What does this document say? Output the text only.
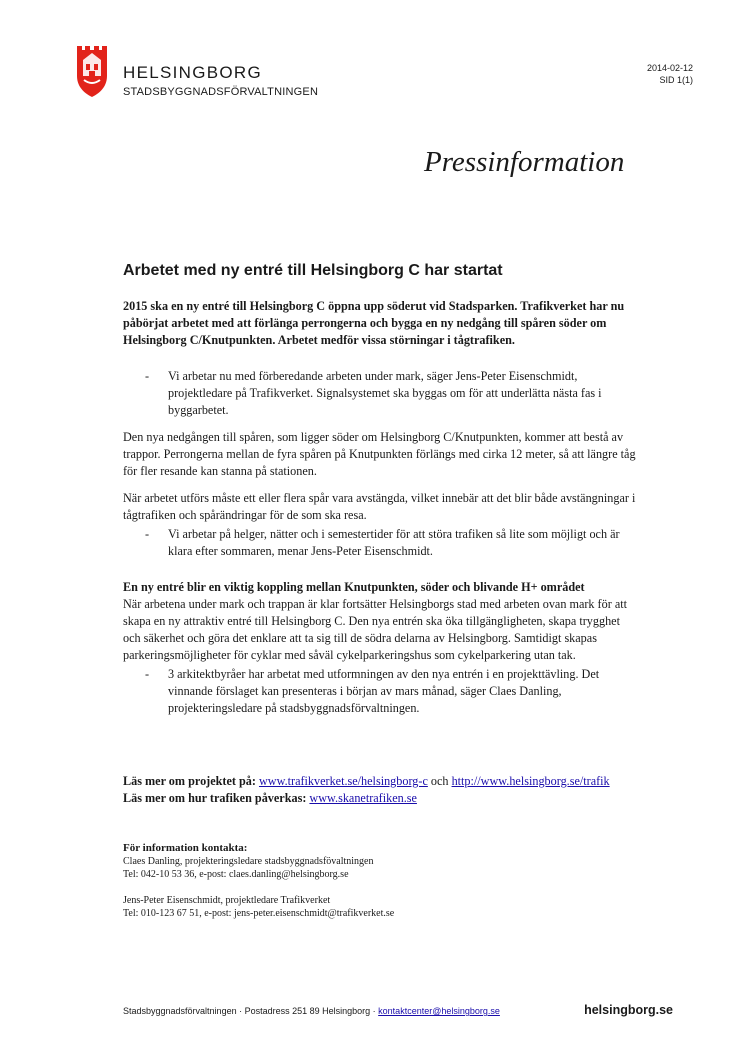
HELSINGBORG
STADSBYGGNADSFÖRVALTNINGEN
2014-02-12
SID 1(1)
Pressinformation
Arbetet med ny entré till Helsingborg C har startat

2015 ska en ny entré till Helsingborg C öppna upp söderut vid Stadsparken. Trafikverket har nu påbörjat arbetet med att förlänga perrongerna och bygga en ny nedgång till spåren söder om Helsingborg C/Knutpunkten. Arbetet medför vissa störningar i tågtrafiken.

- Vi arbetar nu med förberedande arbeten under mark, säger Jens-Peter Eisenschmidt, projektledare på Trafikverket. Signalsystemet ska byggas om för att underlätta nästa fas i byggarbetet.

Den nya nedgången till spåren, som ligger söder om Helsingborg C/Knutpunkten, kommer att bestå av trappor. Perrongerna mellan de fyra spåren på Knutpunkten förlängs med cirka 12 meter, så att längre tåg för fler resande kan stanna på stationen.

När arbetet utförs måste ett eller flera spår vara avstängda, vilket innebär att det blir både avstängningar i tågtrafiken och spårändringar för de som ska resa.

- Vi arbetar på helger, nätter och i semestertider för att störa trafiken så lite som möjligt och är klara efter sommaren, menar Jens-Peter Eisenschmidt.

En ny entré blir en viktig koppling mellan Knutpunkten, söder och blivande H+ området

När arbetena under mark och trappan är klar fortsätter Helsingborgs stad med arbeten ovan mark för att skapa en ny attraktiv entré till Helsingborg C. Den nya entrén ska öka tillgängligheten, skapa trygghet och säkerhet och göra det enklare att ta sig till de södra delarna av Helsingborg. Samtidigt skapas parkeringsmöjligheter för cyklar med såväl cykelparkeringshus som cykelparkering utan tak.

- 3 arkitektbyråer har arbetat med utformningen av den nya entrén i en projekttävling. Det vinnande förslaget kan presenteras i början av mars månad, säger Claes Danling, projekteringsledare på stadsbyggnadsförvaltningen.

Läs mer om projektet på: www.trafikverket.se/helsingborg-c och http://www.helsingborg.se/trafik
Läs mer om hur trafiken påverkas: www.skanetrafiken.se
För information kontakta:
Claes Danling, projekteringsledare stadsbyggnadsfövaltningen
Tel: 042-10 53 36, e-post: claes.danling@helsingborg.se
Jens-Peter Eisenschmidt, projektledare Trafikverket
Tel: 010-123 67 51, e-post: jens-peter.eisenschmidt@trafikverket.se
Stadsbyggnadsförvaltningen · Postadress 251 89 Helsingborg · kontaktcenter@helsingborg.se	helsingborg.se
